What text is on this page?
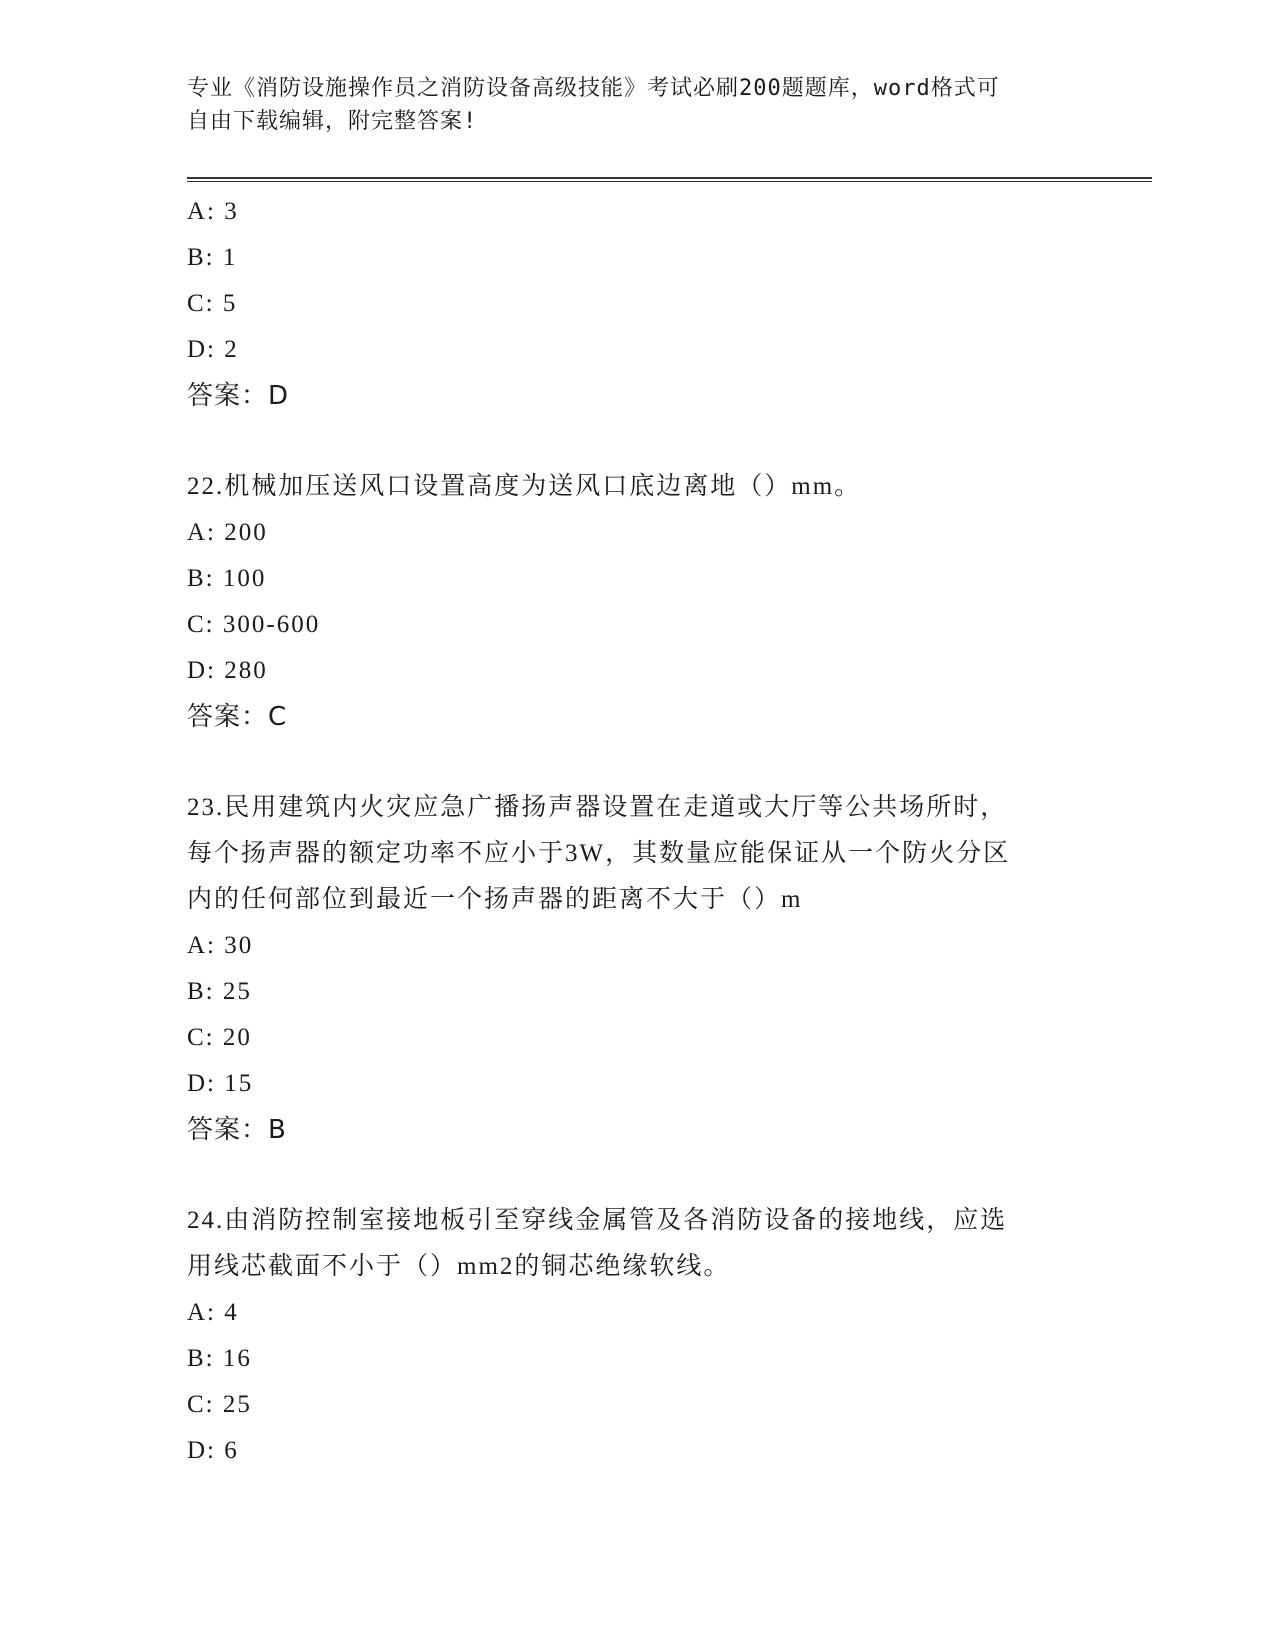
专业《消防设施操作员之消防设备高级技能》考试必刷200题题库，word格式可
自由下载编辑，附完整答案!
A: 3
B: 1
C: 5
D: 2
答案：D
22.机械加压送风口设置高度为送风口底边离地（）mm。
A: 200
B: 100
C: 300-600
D: 280
答案：C
23.民用建筑内火灾应急广播扬声器设置在走道或大厅等公共场所时，
每个扬声器的额定功率不应小于3W，其数量应能保证从一个防火分区
内的任何部位到最近一个扬声器的距离不大于（）m
A: 30
B: 25
C: 20
D: 15
答案：B
24.由消防控制室接地板引至穿线金属管及各消防设备的接地线，应选
用线芯截面不小于（）mm2的铜芯绝缘软线。
A: 4
B: 16
C: 25
D: 6
